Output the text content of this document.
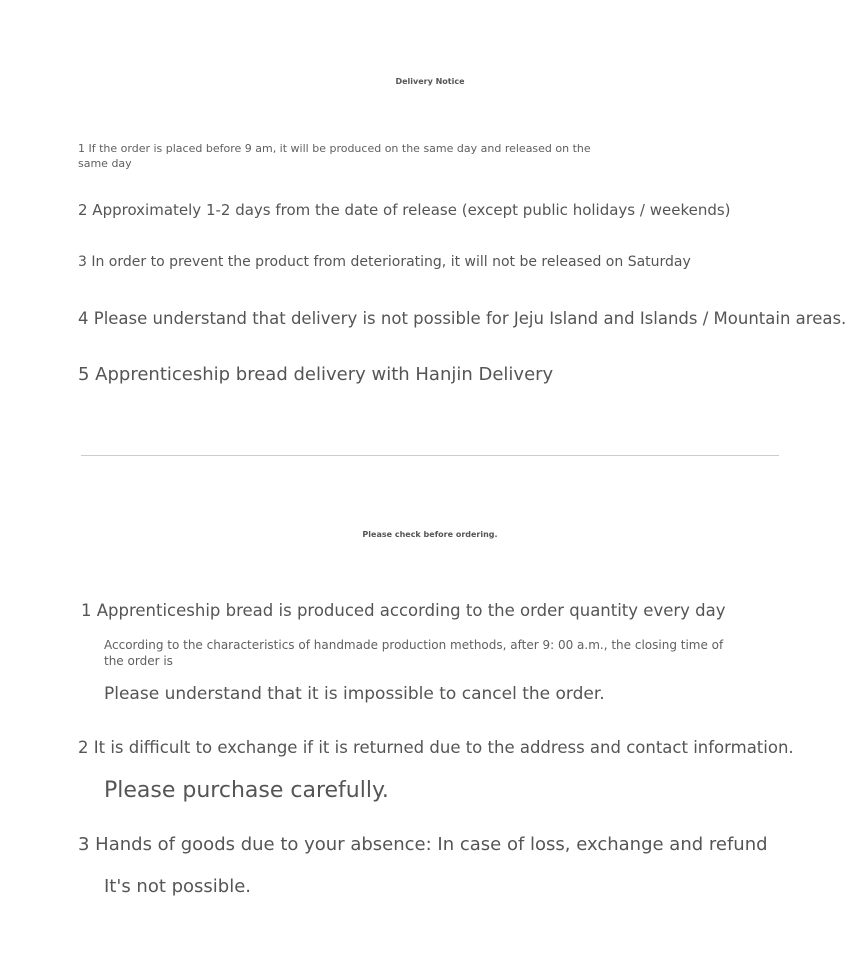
Delivery Notice

1 If the order is placed before 9 am, it will be produced on the same day and released on the same day

2 Approximately 1-2 days from the date of release (except public holidays / weekends)

3 In order to prevent the product from deteriorating, it will not be released on Saturday

4 Please understand that delivery is not possible for Jeju Island and Islands / Mountain areas.

5 Apprenticeship bread delivery with Hanjin Delivery

Please check before ordering.

1 Apprenticeship bread is produced according to the order quantity every day

According to the characteristics of handmade production methods, after 9: 00 a.m., the closing time of the order is

Please understand that it is impossible to cancel the order.

2 It is difficult to exchange if it is returned due to the address and contact information.

Please purchase carefully.

3 Hands of goods due to your absence: In case of loss, exchange and refund

It's not possible.
